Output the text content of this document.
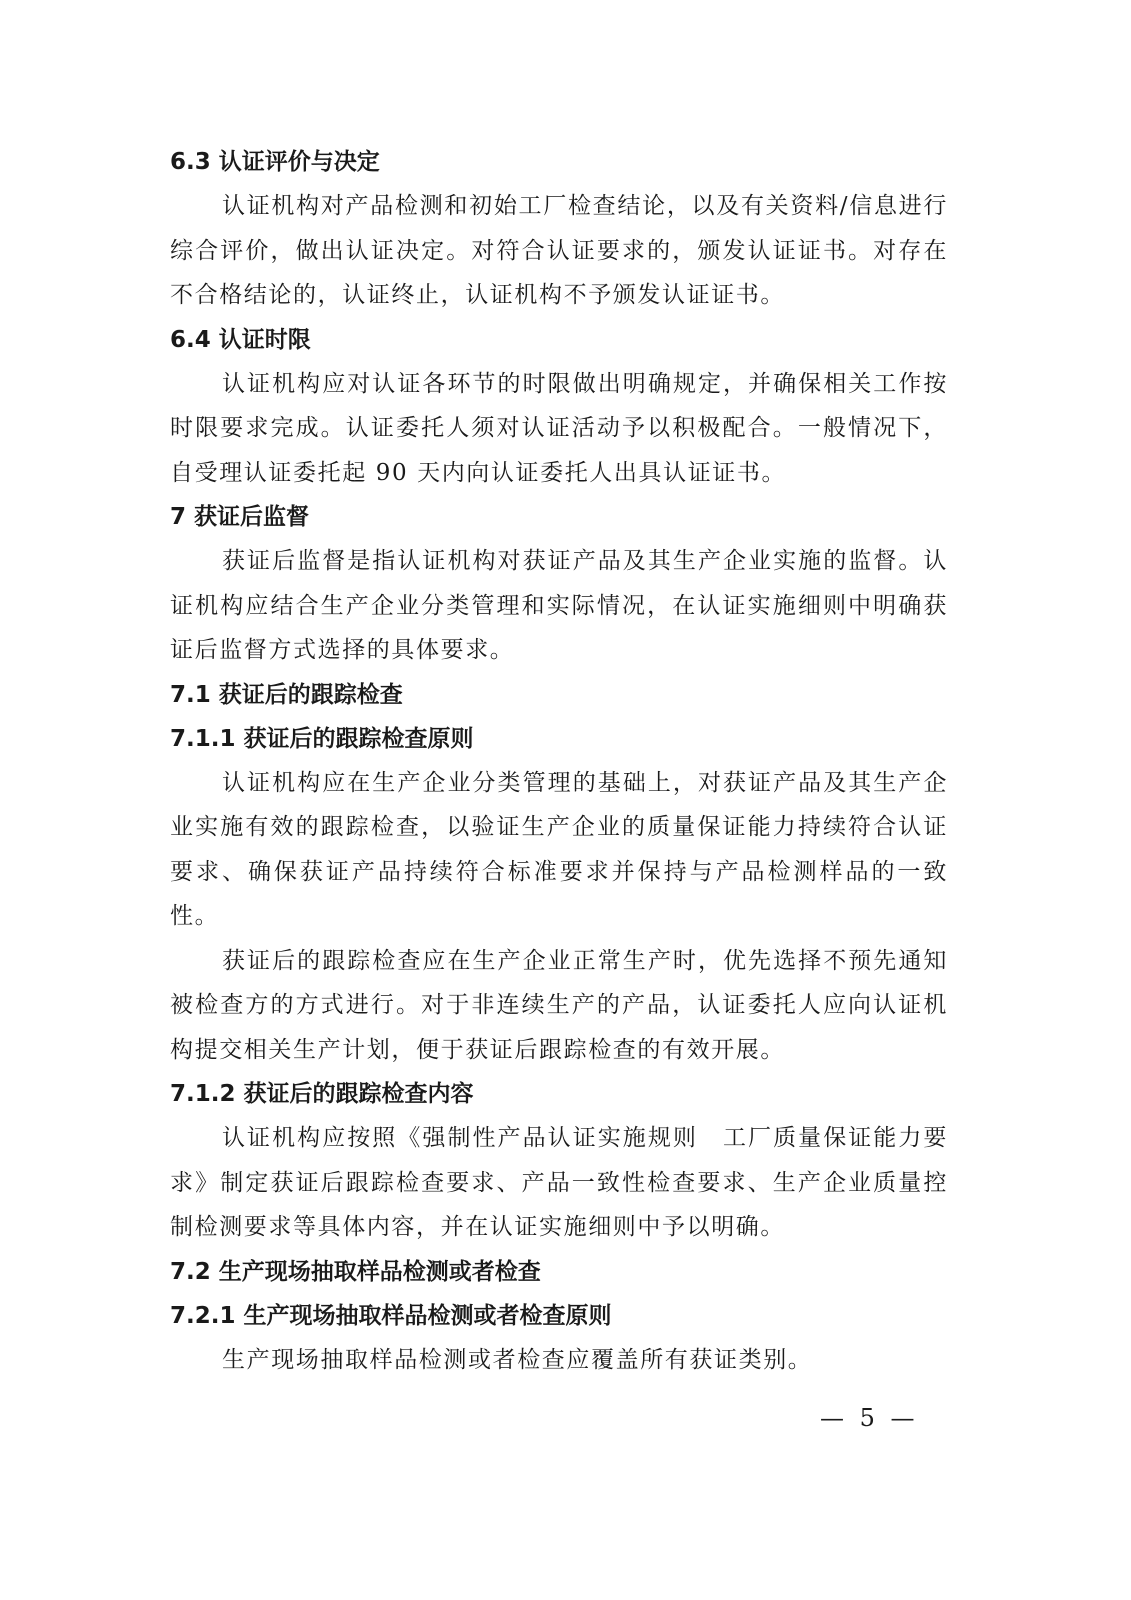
6.3 认证评价与决定

认证机构对产品检测和初始工厂检查结论，以及有关资料/信息进行综合评价，做出认证决定。对符合认证要求的，颁发认证证书。对存在不合格结论的，认证终止，认证机构不予颁发认证证书。

6.4 认证时限

认证机构应对认证各环节的时限做出明确规定，并确保相关工作按时限要求完成。认证委托人须对认证活动予以积极配合。一般情况下，自受理认证委托起 90 天内向认证委托人出具认证证书。

7 获证后监督

获证后监督是指认证机构对获证产品及其生产企业实施的监督。认证机构应结合生产企业分类管理和实际情况，在认证实施细则中明确获证后监督方式选择的具体要求。

7.1 获证后的跟踪检查
7.1.1 获证后的跟踪检查原则

认证机构应在生产企业分类管理的基础上，对获证产品及其生产企业实施有效的跟踪检查，以验证生产企业的质量保证能力持续符合认证要求、确保获证产品持续符合标准要求并保持与产品检测样品的一致性。

获证后的跟踪检查应在生产企业正常生产时，优先选择不预先通知被检查方的方式进行。对于非连续生产的产品，认证委托人应向认证机构提交相关生产计划，便于获证后跟踪检查的有效开展。

7.1.2 获证后的跟踪检查内容

认证机构应按照《强制性产品认证实施规则　工厂质量保证能力要求》制定获证后跟踪检查要求、产品一致性检查要求、生产企业质量控制检测要求等具体内容，并在认证实施细则中予以明确。

7.2 生产现场抽取样品检测或者检查
7.2.1 生产现场抽取样品检测或者检查原则

生产现场抽取样品检测或者检查应覆盖所有获证类别。

— 5 —
